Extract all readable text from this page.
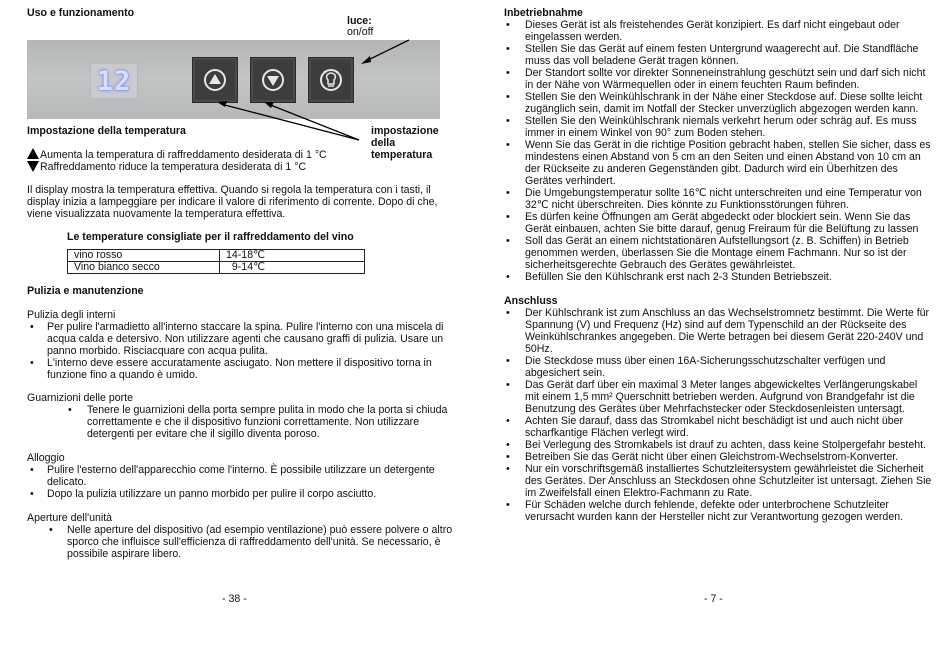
Uso e funzionamento
luce:
on/off
12
impostazione
della
temperatura
Impostazione della temperatura
Aumenta la temperatura di raffreddamento desiderata di 1 °C
Raffreddamento riduce la temperatura desiderata di 1 °C
Il display mostra la temperatura effettiva. Quando si regola la temperatura con i tasti, il
display inizia a lampeggiare per indicare il valore di riferimento di corrente. Dopo di che,
viene visualizzata nuovamente la temperatura effettiva.
Le temperature consigliate per il raffreddamento del vino
vino rosso	14-18℃
Vino bianco secco	9-14℃
Pulizia e manutenzione
Pulizia degli interni
• Per pulire l'armadietto all'interno staccare la spina. Pulire l'interno con una miscela di
acqua calda e detersivo. Non utilizzare agenti che causano graffi di pulizia. Usare un
panno morbido. Risciacquare con acqua pulita.
• L'interno deve essere accuratamente asciugato. Non mettere il dispositivo torna in
funzione fino a quando è umido.
Guarnizioni delle porte
• Tenere le guarnizioni della porta sempre pulita in modo che la porta si chiuda
correttamente e che il dispositivo funzioni correttamente. Non utilizzare
detergenti per evitare che il sigillo diventa poroso.
Alloggio
• Pulire l'esterno dell'apparecchio come l'interno. È possibile utilizzare un detergente
delicato.
• Dopo la pulizia utilizzare un panno morbido per pulire il corpo asciutto.
Aperture dell'unità
• Nelle aperture del dispositivo (ad esempio ventilazione) può essere polvere o altro
sporco che influisce sull'efficienza di raffreddamento dell'unità. Se necessario, è
possibile aspirare libero.
- 38 -
Inbetriebnahme
• Dieses Gerät ist als freistehendes Gerät konzipiert. Es darf nicht eingebaut oder
eingelassen werden.
• Stellen Sie das Gerät auf einem festen Untergrund waagerecht auf. Die Standfläche
muss das voll beladene Gerät tragen können.
• Der Standort sollte vor direkter Sonneneinstrahlung geschützt sein und darf sich nicht
in der Nähe von Wärmequellen oder in einem feuchten Raum befinden.
• Stellen Sie den Weinkühlschrank in der Nähe einer Steckdose auf. Diese sollte leicht
zugänglich sein, damit im Notfall der Stecker unverzüglich abgezogen werden kann.
• Stellen Sie den Weinkühlschrank niemals verkehrt herum oder schräg auf. Es muss
immer in einem Winkel von 90° zum Boden stehen.
• Wenn Sie das Gerät in die richtige Position gebracht haben, stellen Sie sicher, dass es
mindestens einen Abstand von 5 cm an den Seiten und einen Abstand von 10 cm an
der Rückseite zu anderen Gegenständen gibt. Dadurch wird ein Überhitzen des
Gerätes verhindert.
• Die Umgebungstemperatur sollte 16℃ nicht unterschreiten und eine Temperatur von
32℃ nicht überschreiten. Dies könnte zu Funktionsstörungen führen.
• Es dürfen keine Öffnungen am Gerät abgedeckt oder blockiert sein. Wenn Sie das
Gerät einbauen, achten Sie bitte darauf, genug Freiraum für die Belüftung zu lassen
• Soll das Gerät an einem nichtstationären Aufstellungsort (z. B. Schiffen) in Betrieb
genommen werden, überlassen Sie die Montage einem Fachmann. Nur so ist der
sicherheitsgerechte Gebrauch des Gerätes gewährleistet.
• Befüllen Sie den Kühlschrank erst nach 2-3 Stunden Betriebszeit.
Anschluss
• Der Kühlschrank ist zum Anschluss an das Wechselstromnetz bestimmt. Die Werte für
Spannung (V) und Frequenz (Hz) sind auf dem Typenschild an der Rückseite des
Weinkühlschrankes angegeben. Die Werte betragen bei diesem Gerät 220-240V und
50Hz.
• Die Steckdose muss über einen 16A-Sicherungsschutzschalter verfügen und
abgesichert sein.
• Das Gerät darf über ein maximal 3 Meter langes abgewickeltes Verlängerungskabel
mit einem 1,5 mm² Querschnitt betrieben werden. Aufgrund von Brandgefahr ist die
Benutzung des Gerätes über Mehrfachstecker oder Steckdosenleisten untersagt.
• Achten Sie darauf, dass das Stromkabel nicht beschädigt ist und auch nicht über
scharfkantige Flächen verlegt wird.
• Bei Verlegung des Stromkabels ist drauf zu achten, dass keine Stolpergefahr besteht.
• Betreiben Sie das Gerät nicht über einen Gleichstrom-Wechselstrom-Konverter.
• Nur ein vorschriftsgemäß installiertes Schutzleitersystem gewährleistet die Sicherheit
des Gerätes. Der Anschluss an Steckdosen ohne Schutzleiter ist untersagt. Ziehen Sie
im Zweifelsfall einen Elektro-Fachmann zu Rate.
• Für Schäden welche durch fehlende, defekte oder unterbrochene Schutzleiter
verursacht wurden kann der Hersteller nicht zur Verantwortung gezogen werden.
- 7 -
